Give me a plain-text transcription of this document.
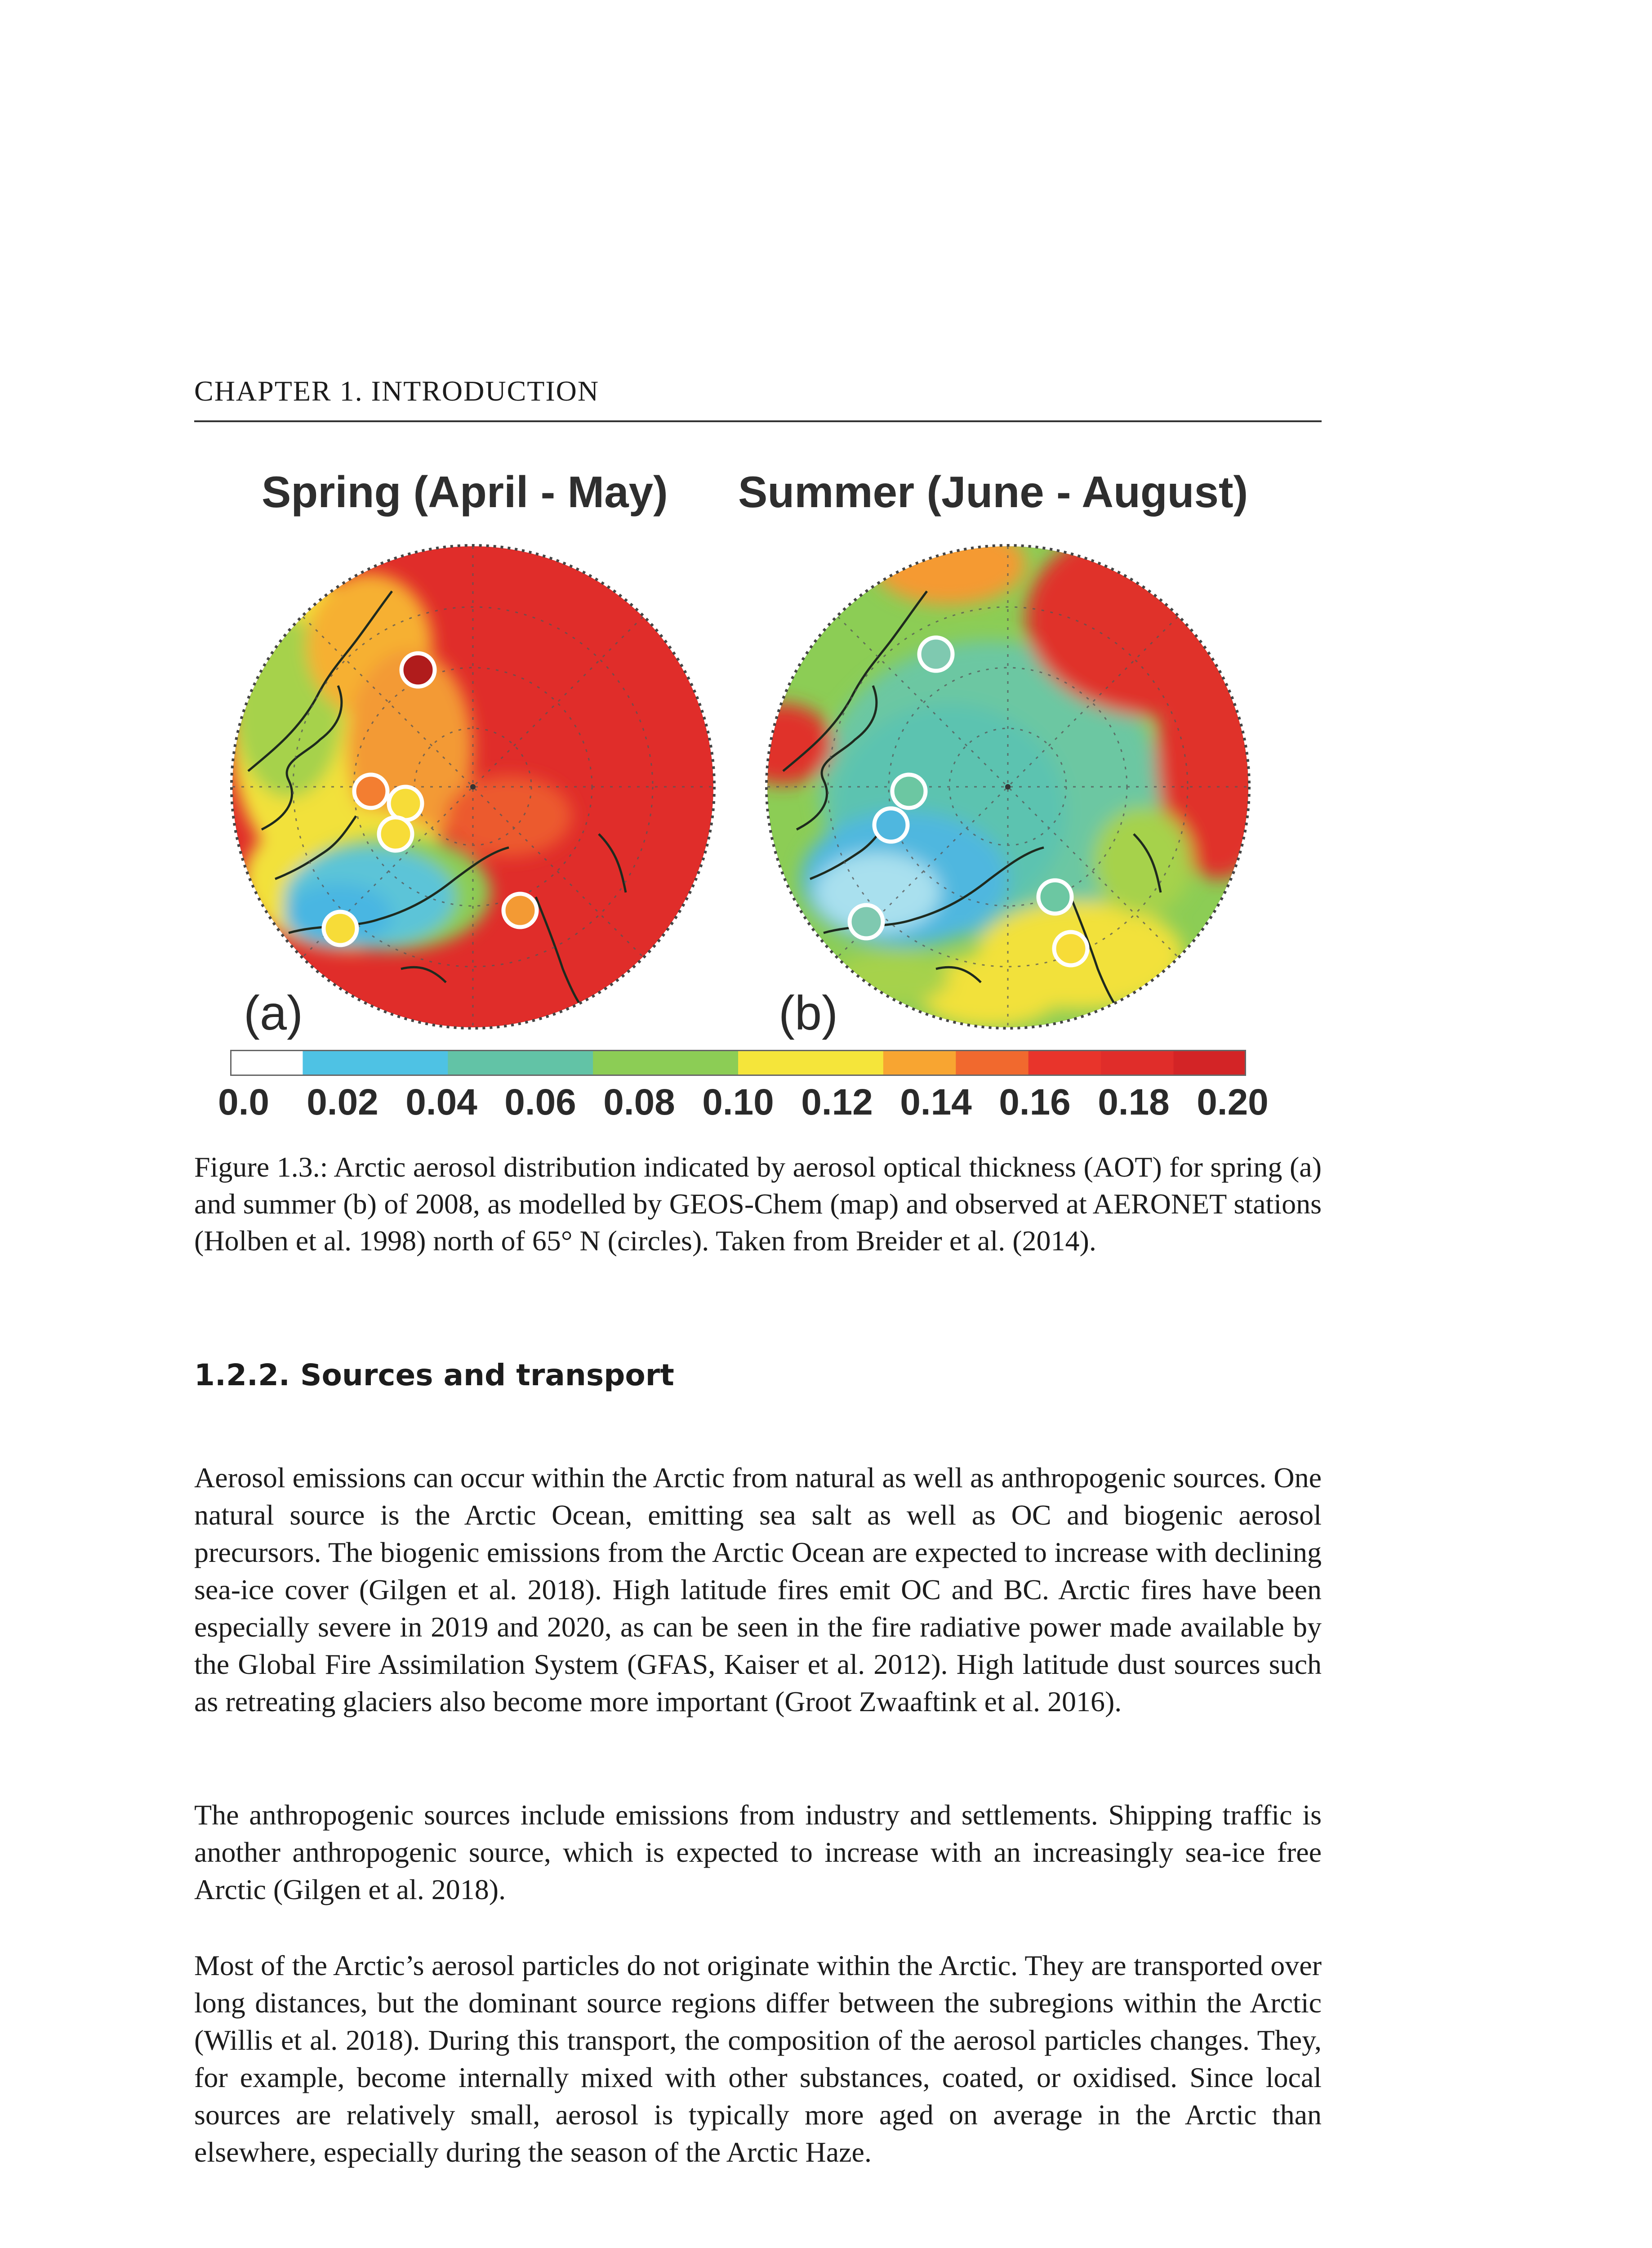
CHAPTER 1. INTRODUCTION
Spring (April - May) Summer (June - August)
(a)	(b)
0.0 0.02 0.04 0.06 0.08 0.10 0.12 0.14 0.16 0.18 0.20
Figure 1.3.: Arctic aerosol distribution indicated by aerosol optical thickness (AOT) for spring (a) and summer (b) of 2008, as modelled by GEOS-Chem (map) and observed at AERONET stations (Holben et al. 1998) north of 65° N (circles). Taken from Breider et al. (2014).
1.2.2. Sources and transport

Aerosol emissions can occur within the Arctic from natural as well as anthropogenic sources. One natural source is the Arctic Ocean, emitting sea salt as well as OC and biogenic aerosol precursors. The biogenic emissions from the Arctic Ocean are expected to increase with declining sea-ice cover (Gilgen et al. 2018). High latitude fires emit OC and BC. Arctic fires have been especially severe in 2019 and 2020, as can be seen in the fire radiative power made available by the Global Fire Assimilation System (GFAS, Kaiser et al. 2012). High latitude dust sources such as retreating glaciers also become more important (Groot Zwaaftink et al. 2016).

The anthropogenic sources include emissions from industry and settlements. Shipping traffic is another anthropogenic source, which is expected to increase with an increasingly sea-ice free Arctic (Gilgen et al. 2018).

Most of the Arctic’s aerosol particles do not originate within the Arctic. They are transported over long distances, but the dominant source regions differ between the subregions within the Arctic (Willis et al. 2018). During this transport, the composition of the aerosol particles changes. They, for example, become internally mixed with other substances, coated, or oxidised. Since local sources are relatively small, aerosol is typically more aged on average in the Arctic than elsewhere, especially during the season of the Arctic Haze.
